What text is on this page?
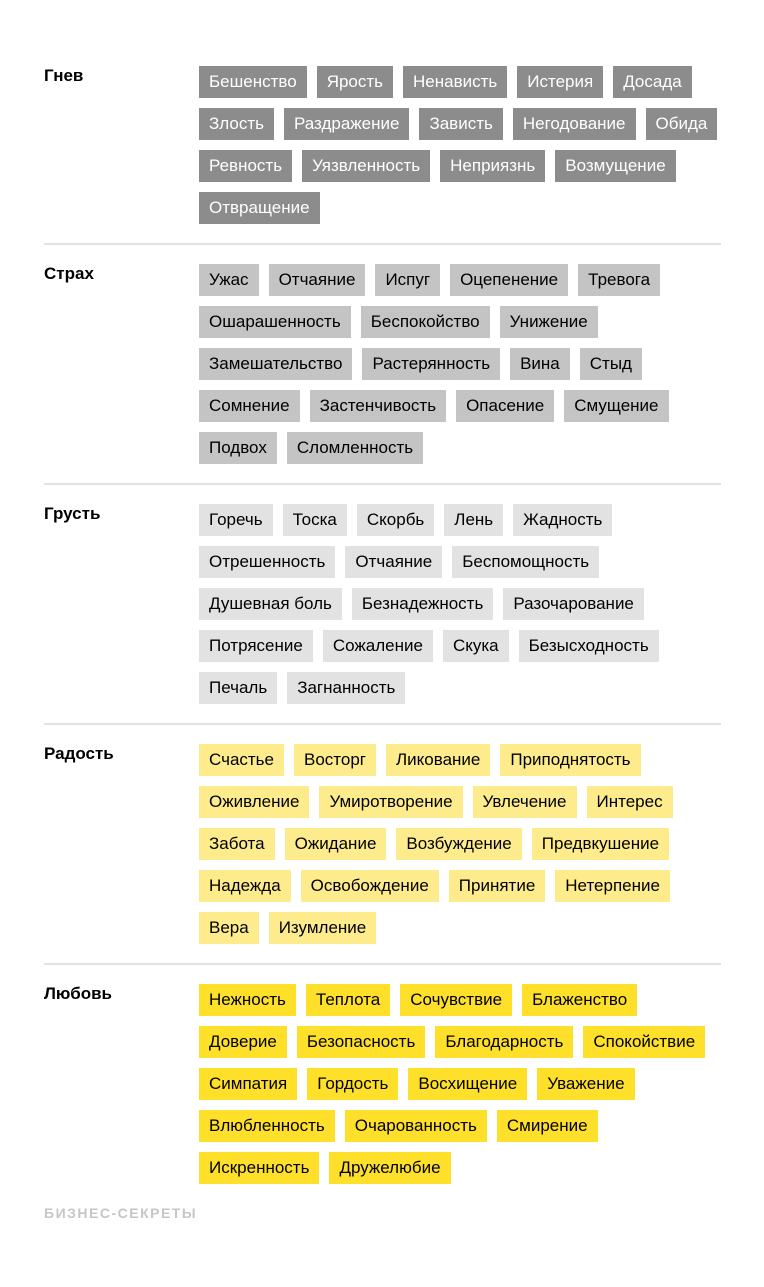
Гнев	Бешенство	Ярость	Ненависть	Истерия	Досада
Злость	Раздражение	Зависть	Негодование	Обида
Ревность	Уязвленность	Неприязнь	Возмущение
Отвращение
Страх	Ужас	Отчаяние	Испуг	Оцепенение	Тревога
Ошарашенность	Беспокойство	Унижение
Замешательство	Растерянность	Вина	Стыд
Сомнение	Застенчивость	Опасение	Смущение
Подвох	Сломленность
Грусть	Горечь	Тоска	Скорбь	Лень	Жадность
Отрешенность	Отчаяние	Беспомощность
Душевная боль	Безнадежность	Разочарование
Потрясение	Сожаление	Скука	Безысходность
Печаль	Загнанность
Радость	Счастье	Восторг	Ликование	Приподнятость
Оживление	Умиротворение	Увлечение	Интерес
Забота	Ожидание	Возбуждение	Предвкушение
Надежда	Освобождение	Принятие	Нетерпение
Вера	Изумление
Любовь	Нежность	Теплота	Сочувствие	Блаженство
Доверие	Безопасность	Благодарность	Спокойствие
Симпатия	Гордость	Восхищение	Уважение
Влюбленность	Очарованность	Смирение
Искренность	Дружелюбие
БИЗНЕС-СЕКРЕТЫ
